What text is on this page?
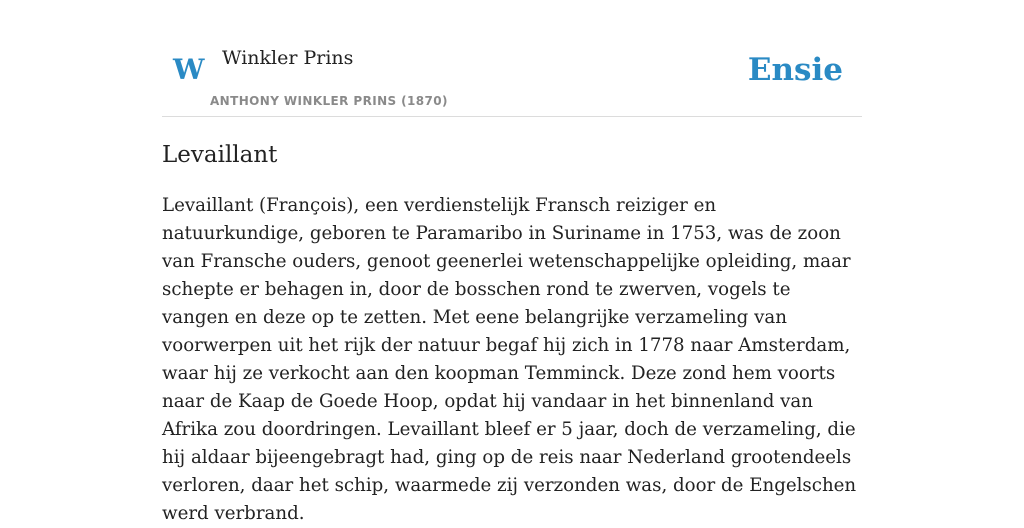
W Winkler Prins
ANTHONY WINKLER PRINS (1870)
Ensie
Levaillant

Levaillant (François), een verdienstelijk Fransch reiziger en natuurkundige, geboren te Paramaribo in Suriname in 1753, was de zoon van Fransche ouders, genoot geenerlei wetenschappelijke opleiding, maar schepte er behagen in, door de bosschen rond te zwerven, vogels te vangen en deze op te zetten. Met eene belangrijke verzameling van voorwerpen uit het rijk der natuur begaf hij zich in 1778 naar Amsterdam, waar hij ze verkocht aan den koopman Temminck. Deze zond hem voorts naar de Kaap de Goede Hoop, opdat hij vandaar in het binnenland van Afrika zou doordringen. Levaillant bleef er 5 jaar, doch de verzameling, die hij aldaar bijeengebragt had, ging op de reis naar Nederland grootendeels verloren, daar het schip, waarmede zij verzonden was, door de Engelschen werd verbrand.
